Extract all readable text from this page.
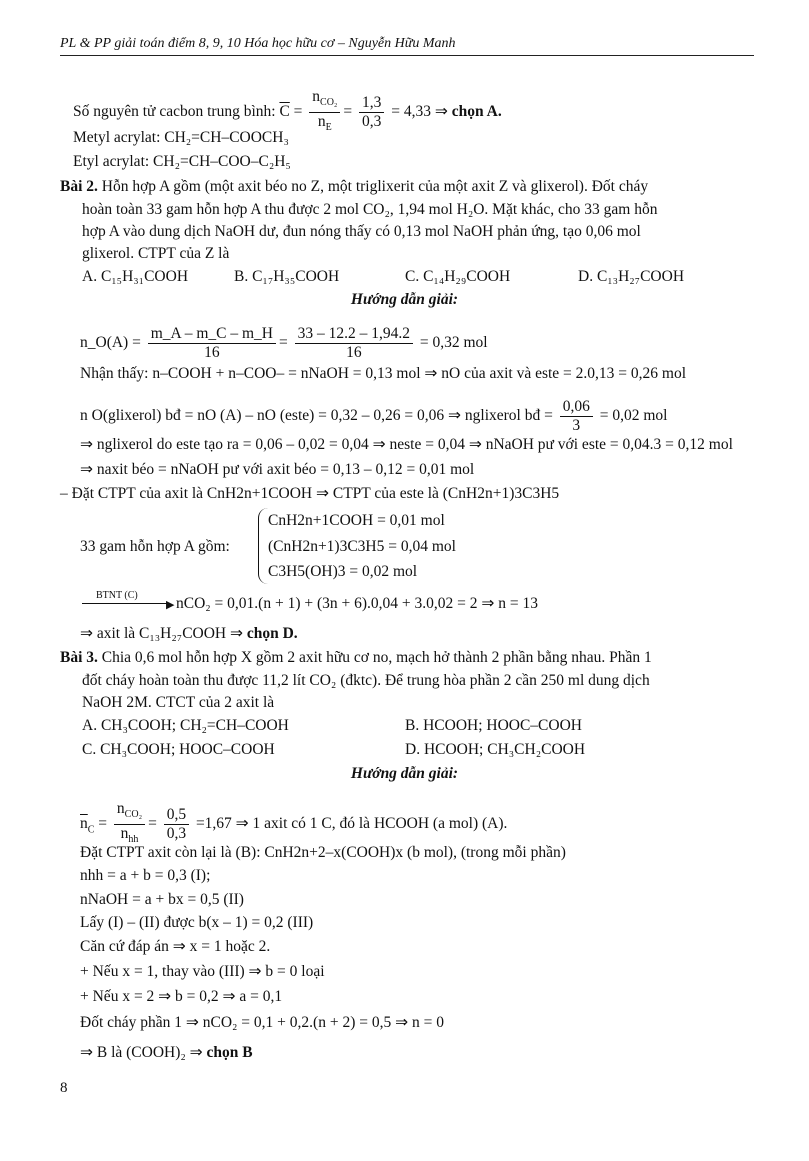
PL & PP giải toán điểm 8, 9, 10 Hóa học hữu cơ – Nguyễn Hữu Manh
Số nguyên tử cacbon trung bình: $\overline{C} = \frac{n_{CO_2}}{n_E} = \frac{1,3}{0,3} = 4,33$ ⇒ chọn A.
Metyl acrylat: CH₂=CH–COOCH₃
Etyl acrylat: CH₂=CH–COO–C₂H₅
Bài 2. Hỗn hợp A gồm (một axit béo no Z, một triglixerit của một axit Z và glixerol). Đốt cháy
hoàn toàn 33 gam hỗn hợp A thu được 2 mol CO₂, 1,94 mol H₂O. Mặt khác, cho 33 gam hỗn
hợp A vào dung dịch NaOH dư, đun nóng thấy có 0,13 mol NaOH phản ứng, tạo 0,06 mol
glixerol. CTPT của Z là
A. C₁₅H₃₁COOH	B. C₁₇H₃₅COOH	C. C₁₄H₂₉COOH	D. C₁₃H₂₇COOH
Hướng dẫn giải:
n_O(A) = $\frac{m\_A - m\_C - m\_H}{16} = \frac{33 - 12.2 - 1,94.2}{16} = 0,32$ mol
Nhận thấy: n–COOH + n–COO– = nNaOH = 0,13 mol ⇒ nO của axit và este = 2.0,13 = 0,26 mol
n O(glixerol) bđ = nO (A) – nO (este) = 0,32 – 0,26 = 0,06 ⇒ nglixerol bđ = $\frac{0,06}{3} = 0,02$ mol
⇒ nglixerol do este tạo ra = 0,06 – 0,02 = 0,04 ⇒ neste = 0,04 ⇒ nNaOH pư với este = 0,04.3 = 0,12 mol
⇒ naxit béo = nNaOH pư với axit béo = 0,13 – 0,12 = 0,01 mol
– Đặt CTPT của axit là CnH2n+1COOH ⇒ CTPT của este là (CnH2n+1)3C3H5
33 gam hỗn hợp A gồm:
CnH2n+1COOH = 0,01 mol
(CnH2n+1)3C3H5 = 0,04 mol
C3H5(OH)3 = 0,02 mol
BTNT (C)
▶ nCO₂ = 0,01.(n + 1) + (3n + 6).0,04 + 3.0,02 = 2 ⇒ n = 13
⇒ axit là C₁₃H₂₇COOH ⇒ chọn D.
Bài 3. Chia 0,6 mol hỗn hợp X gồm 2 axit hữu cơ no, mạch hở thành 2 phần bằng nhau. Phần 1
đốt cháy hoàn toàn thu được 11,2 lít CO₂ (đktc). Để trung hòa phần 2 cần 250 ml dung dịch
NaOH 2M. CTCT của 2 axit là
A. CH₃COOH; CH₂=CH–COOH	B. HCOOH; HOOC–COOH
C. CH₃COOH; HOOC–COOH	D. HCOOH; CH₃CH₂COOH
Hướng dẫn giải:
$\overline{n}_C = \frac{n_{CO_2}}{n_{hh}} = \frac{0,5}{0,3} =1,67$ ⇒ 1 axit có 1 C, đó là HCOOH (a mol) (A).
Đặt CTPT axit còn lại là (B): CnH2n+2–x(COOH)x (b mol), (trong mỗi phần)
nhh = a + b = 0,3 (I);
nNaOH = a + bx = 0,5 (II)
Lấy (I) – (II) được b(x – 1) = 0,2 (III)
Căn cứ đáp án ⇒ x = 1 hoặc 2.
+ Nếu x = 1, thay vào (III) ⇒ b = 0 loại
+ Nếu x = 2 ⇒ b = 0,2 ⇒ a = 0,1
Đốt cháy phần 1 ⇒ nCO₂ = 0,1 + 0,2.(n + 2) = 0,5 ⇒ n = 0
⇒ B là (COOH)₂ ⇒ chọn B
8
